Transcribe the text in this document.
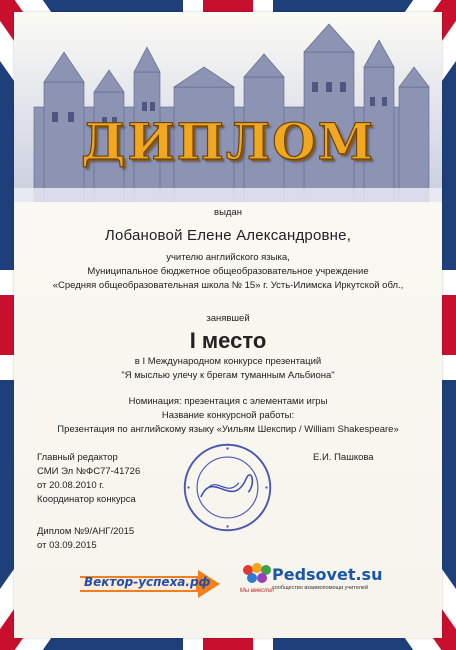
ДИПЛОМ
выдан
Лобановой Елене Александровне,
учителю английского языка,
Муниципальное бюджетное общеобразовательное учреждение
«Средняя общеобразовательная школа № 15» г. Усть-Илимска Иркутской обл.,
занявшей
I место
в I Международном конкурсе презентаций
"Я мыслью улечу к брегам туманным Альбиона"
Номинация: презентация с элементами игры
Название конкурсной работы:
Презентация по английскому языку «Уильям Шекспир / William Shakespeare»
Главный редактор
СМИ Эл №ФС77-41726
от 20.08.2010 г.
Координатор конкурса
Диплом №9/АНГ/2015
от 03.09.2015
Е.И. Пашкова
Вектор-успеха.рф
Мы вместе!
Pedsovet.su
сообщество взаимопомощи учителей
